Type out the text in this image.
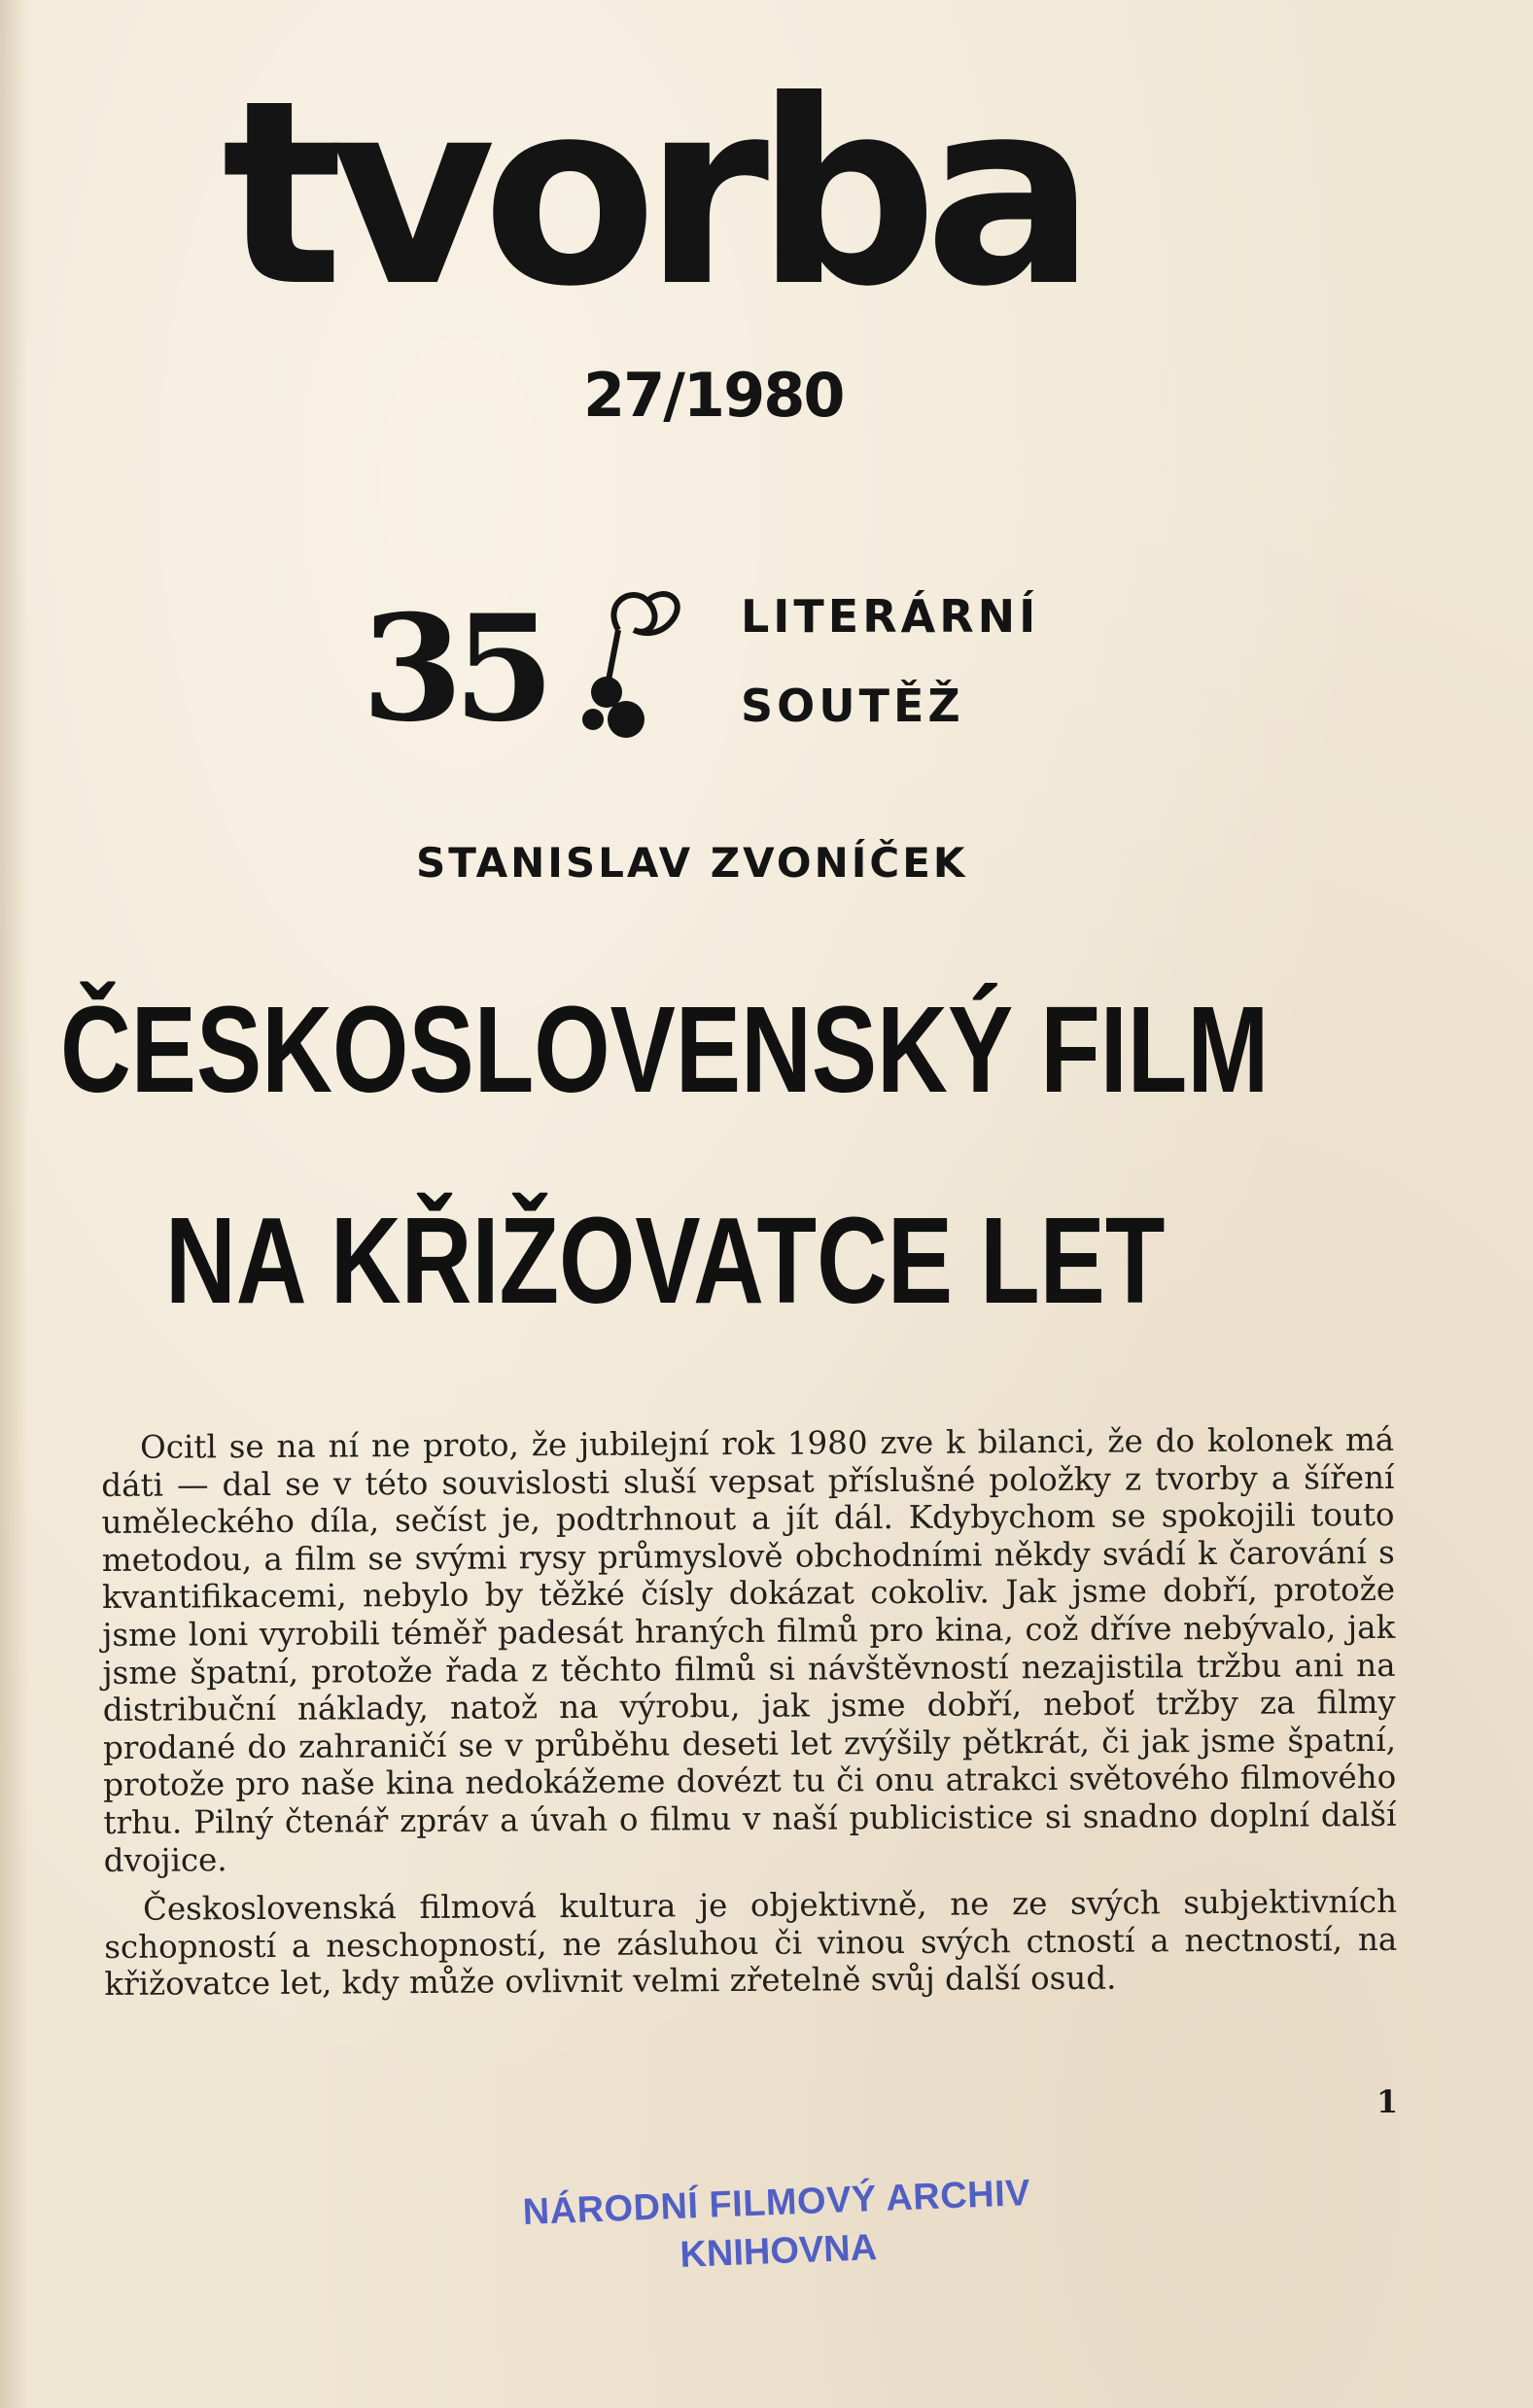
tvorba
27/1980
35	LITERÁRNÍ
SOUTĚŽ
STANISLAV ZVONÍČEK
ČESKOSLOVENSKÝ FILM
NA KŘIŽOVATCE LET

Ocitl se na ní ne proto, že jubilejní rok 1980 zve k bilanci, že do kolonek má dáti — dal se v této souvislosti sluší vepsat příslušné položky z tvorby a šíření uměleckého díla, sečíst je, podtrhnout a jít dál. Kdybychom se spokojili touto metodou, a film se svými rysy průmyslově obchodními někdy svádí k čarování s kvantifikacemi, nebylo by těžké čísly dokázat cokoliv. Jak jsme dobří, protože jsme loni vyrobili téměř padesát hraných filmů pro kina, což dříve nebývalo, jak jsme špatní, protože řada z těchto filmů si návštěvností nezajistila tržbu ani na distribuční náklady, natož na výrobu, jak jsme dobří, neboť tržby za filmy prodané do zahraničí se v průběhu deseti let zvýšily pětkrát, či jak jsme špatní, protože pro naše kina nedokážeme dovézt tu či onu atrakci světového filmového trhu. Pilný čtenář zpráv a úvah o filmu v naší publicistice si snadno doplní další dvojice.

Československá filmová kultura je objektivně, ne ze svých subjektivních schopností a neschopností, ne zásluhou či vinou svých ctností a nectností, na křižovatce let, kdy může ovlivnit velmi zřetelně svůj další osud.

1
NÁRODNÍ FILMOVÝ ARCHIV
KNIHOVNA
